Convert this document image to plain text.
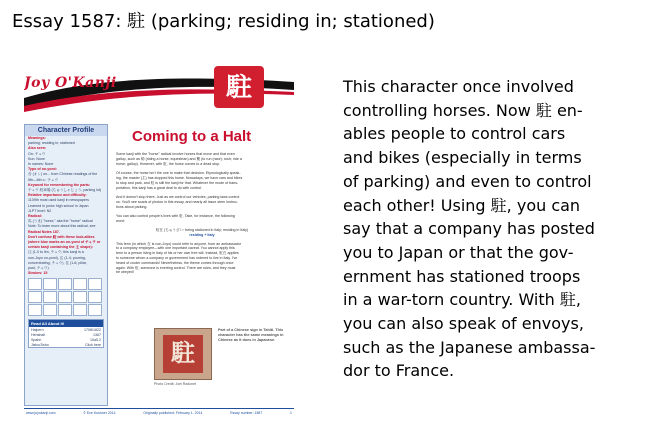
Essay 1587: 駐 (parking; residing in; stationed)
Joy O'Kanji	駐
Character Profile
Meanings:
parking; residing in; stationed
Also seen:
On: チュウ
Kun: None
In names: None
Typo of on-yomi:
音 (オン) on... from Chinese readings of the
5th—6th c.: チュウ
Keyword for remembering the parts:
チュウ 駐車場 (ちゅうしゃじょう, parking lot)
Relative importance and difficulty:
1109th most used kanji in newspapers
Learned in junior high school in Japan
JLPT level: N2
Radical:
馬 (うま) "horse," aka the "horse" radical
Note: To learn more about this radical, see
Radical Notes 187.
Don't confuse 駐 with these look-alikes
(where blue marks an on-yomi of チュウ or
certain kanji containing the 主 shape):
注 (1-0 to ilm, チュウ; this kanji is a
non-Joyo on-yomi), 注 (1-4; pouring,
concentrating, チュウ), 住 (1-6; pillar,
post, チュウ)
Strokes: 15
Read All About It!
Halpern	1708/1822
Henshall	1367
Spahn	10a5.2
Jisho/Jisho	Click here
Coming to a Halt
Some kanji with the "horse" radical involve horses that move and that even
gallop, such as 騎 (riding a horse; equestrian) and 驚 (to run (race); rush; ride a
horse; gallop). However, with 駐, the horse comes to a dead stop.
Of course, the horse isn't the one to make that decision. Etymologically speak-
ing, the master (主) has stopped this horse. Nowadays, we have cars and bikes
to stop and park, and 駐 is still the kanji for that. Whatever the mode of trans-
portation, this kanji has a great deal to do with control.
And it doesn't stop there. Just as we control our vehicles, parking laws control
us. You'll see scads of photos in this essay, and nearly all issue stern instruc-
tions about parking.
You can also control people's lives with 駐. Take, for instance, the following
word:
駐在 (ちゅうざい: being stationed in Italy; residing in Italy)
residing + Italy
This term (in which 在 is non-Joyo) could refer to anyone, from an ambassador
to a company employee—with one important caveat. You cannot apply this
term to a person living in Italy of his or her own free will. Instead, 駐在 applies
to someone whom a company or government has ordered to live in Italy. I've
heard of cruder commands! Nevertheless, the theme comes through once
again. With 駐, someone is exerting control. There are rules, and they must
be obeyed!
駐
Part of a Chinese sign in Tahiti. This character has the same meanings in Chinese as it does in Japanese.
Photo Credit: Joel Radonet
www.joyokanji.com	© Eve Kushner 2014	Originally published: February 1, 2014	Essay number: 1587	1
This character once involved
controlling horses. Now 駐 en-
ables people to control cars
and bikes (especially in terms
of parking) and even to control
each other! Using 駐, you can
say that a company has posted
you to Japan or that the gov-
ernment has stationed troops
in a war-torn country. With 駐,
you can also speak of envoys,
such as the Japanese ambassa-
dor to France.
